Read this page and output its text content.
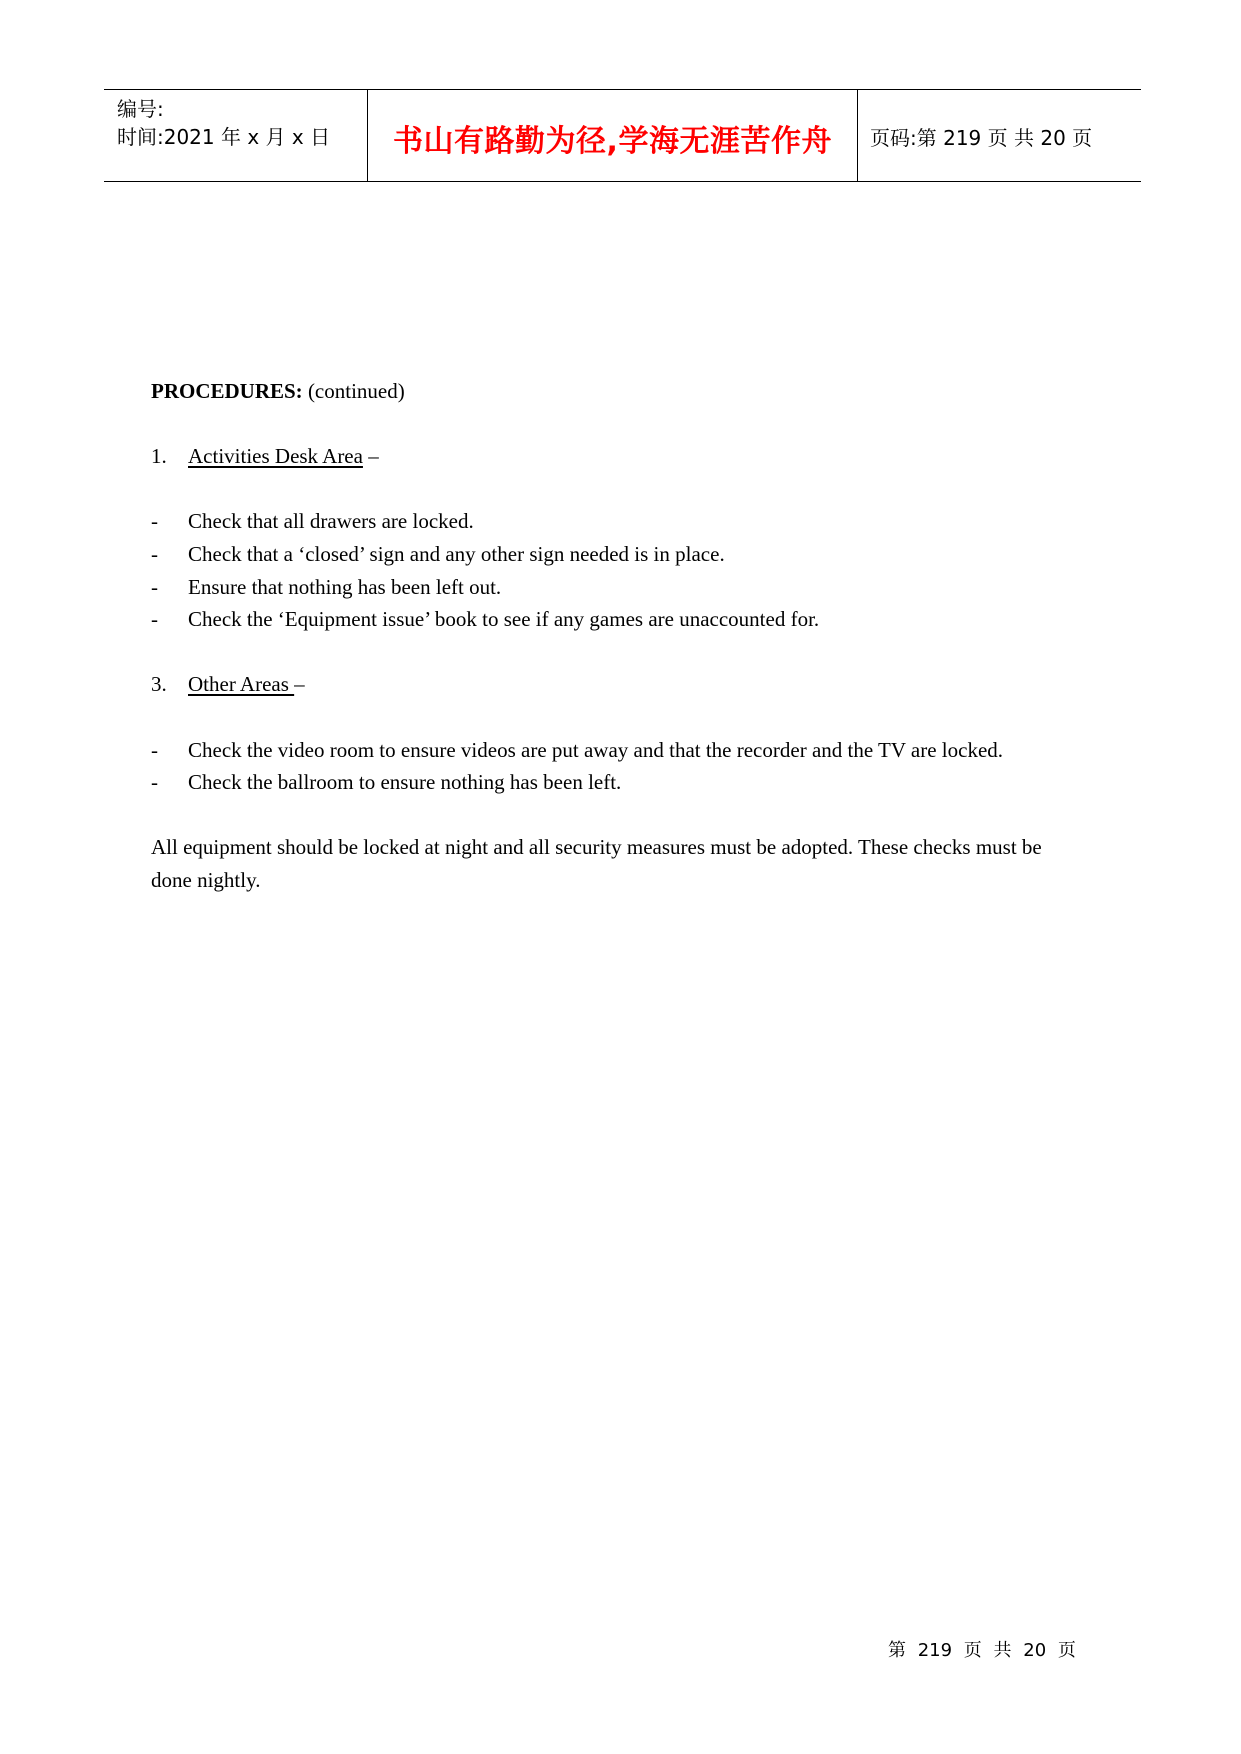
编号:
时间:2021 年 x 月 x 日 书山有路勤为径,学海无涯苦作舟 页码:第 219 页 共 20 页
PROCEDURES: (continued)
1.	Activities Desk Area –
-	Check that all drawers are locked.
-	Check that a ‘closed’ sign and any other sign needed is in place.
-	Ensure that nothing has been left out.
-	Check the ‘Equipment issue’ book to see if any games are unaccounted for.
3.	Other Areas –
-	Check the video room to ensure videos are put away and that the recorder and the TV are locked.
-	Check the ballroom to ensure nothing has been left.
All equipment should be locked at night and all security measures must be adopted. These checks must be done nightly.
第 219 页 共 20 页
